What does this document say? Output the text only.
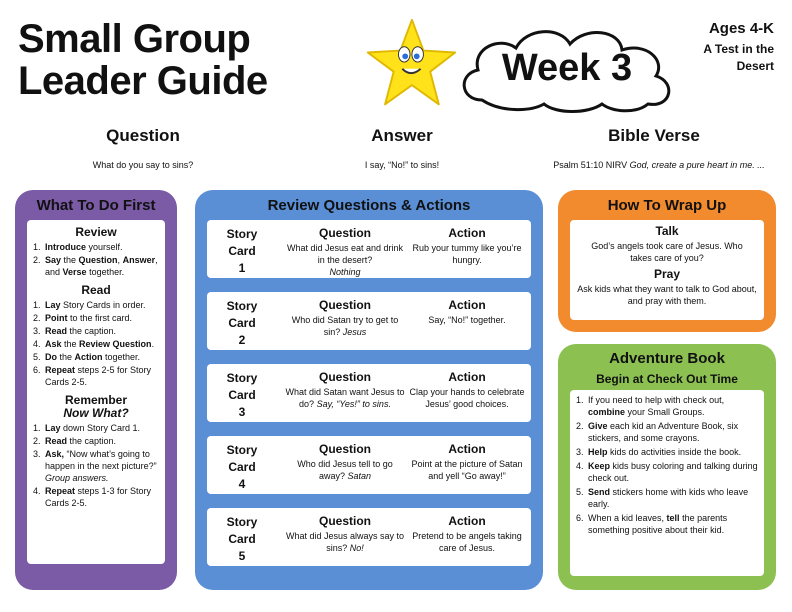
Small Group
Leader Guide	Week 3
Ages 4-K
A Test in the
Desert
Question
What do you say to sins?
Answer
I say, “No!” to sins!
Bible Verse
Psalm 51:10 NIRV God, create a pure heart in me. ...
What To Do First
Review
1. Introduce yourself.
2. Say the Question, Answer, and Verse together.
Read
1. Lay Story Cards in order.
2. Point to the first card.
3. Read the caption.
4. Ask the Review Question.
5. Do the Action together.
6. Repeat steps 2-5 for Story Cards 2-5.
Remember
Now What?
1. Lay down Story Card 1.
2. Read the caption.
3. Ask, “Now what’s going to happen in the next picture?” Group answers.
4. Repeat steps 1-3 for Story Cards 2-5.
Review Questions & Actions
Story
Card
1
Question
What did Jesus eat and drink in the desert?
Nothing
Action
Rub your tummy like you’re hungry.
Story
Card
2
Question
Who did Satan try to get to sin? Jesus
Action
Say, “No!” together.
Story
Card
3
Question
What did Satan want Jesus to do? Say, “Yes!” to sins.
Action
Clap your hands to celebrate Jesus’ good choices.
Story
Card
4
Question
Who did Jesus tell to go away? Satan
Action
Point at the picture of Satan and yell “Go away!”
Story
Card
5
Question
What did Jesus always say to sins? No!
Action
Pretend to be angels taking care of Jesus.
How To Wrap Up
Talk
God’s angels took care of Jesus. Who takes care of you?
Pray
Ask kids what they want to talk to God about, and pray with them.
Adventure Book
Begin at Check Out Time
1. If you need to help with check out, combine your Small Groups.
2. Give each kid an Adventure Book, six stickers, and some crayons.
3. Help kids do activities inside the book.
4. Keep kids busy coloring and talking during check out.
5. Send stickers home with kids who leave early.
6. When a kid leaves, tell the parents something positive about their kid.
